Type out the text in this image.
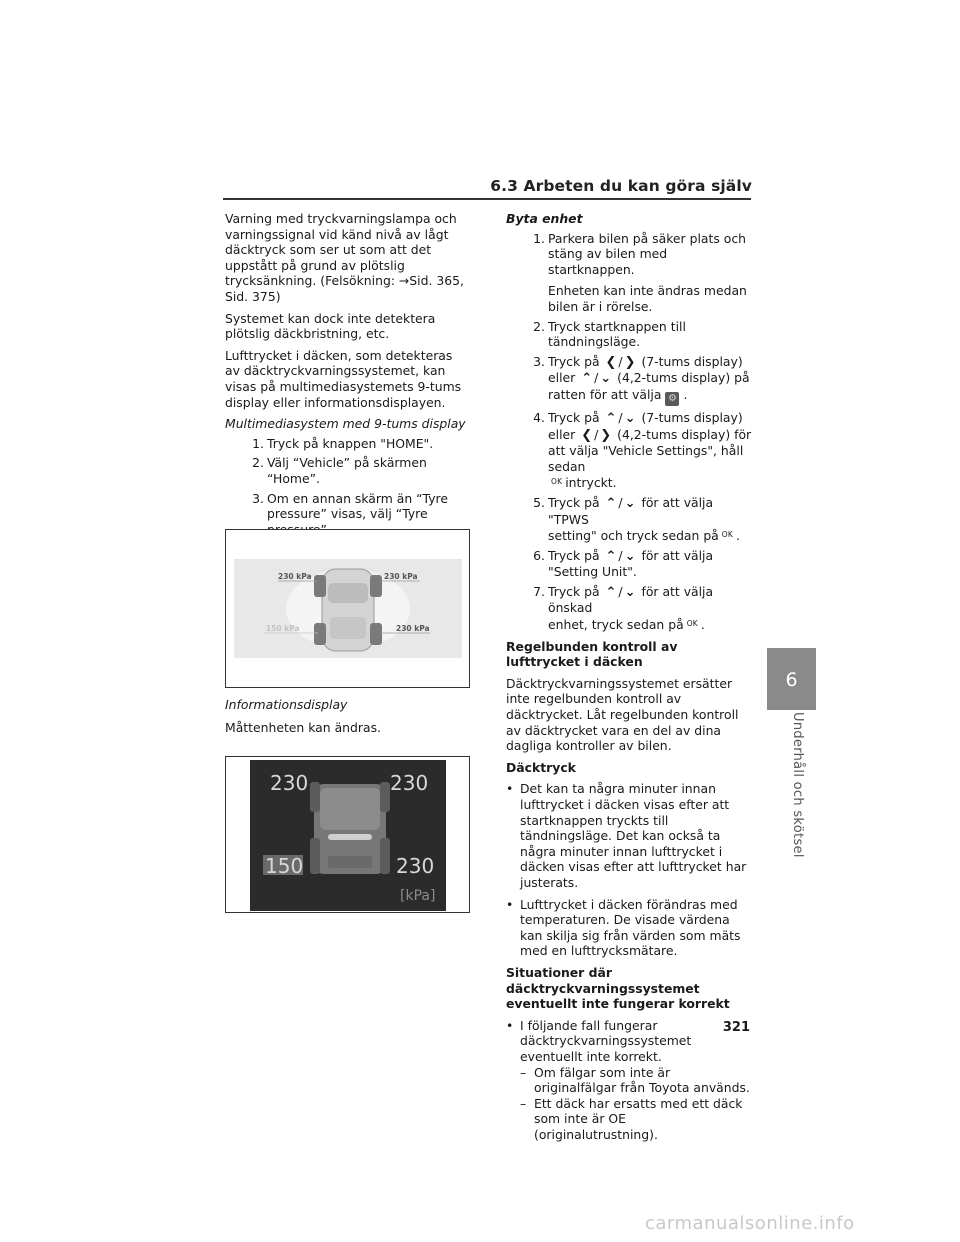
6.3 Arbeten du kan göra själv
6
Underhåll och skötsel

Varning med tryckvarningslampa och varningssignal vid känd nivå av lågt däcktryck som ser ut som att det uppstått på grund av plötslig trycksänkning. (Felsökning: →Sid. 365, Sid. 375)

Systemet kan dock inte detektera plötslig däckbristning, etc.

Lufttrycket i däcken, som detekteras av däcktryckvarningssystemet, kan visas på multimediasystemets 9-tums display eller informationsdisplayen.

Multimediasystem med 9-tums display

1. Tryck på knappen "HOME".
2. Välj “Vehicle” på skärmen “Home”.
3. Om en annan skärm än “Tyre pressure” visas, välj “Tyre
230 kPa	230 kPa
150 kPa	230 kPa
Informationsdisplay
Måttenheten kan ändras.
230	230
150	230
[kPa]

Byta enhet

1. Parkera bilen på säker plats och stäng av bilen med startknappen.

Enheten kan inte ändras medan bilen är i rörelse.
2. Tryck startknappen till tändningsläge.
3. Tryck på ❮ / ❯ (7-tums display)
eller ⌃ / ⌄ (4,2-tums display) på
ratten för att välja ⚙ .
4. Tryck på ⌃ / ⌄ (7-tums display)
eller ❮ / ❯ (4,2-tums display) för
att välja "Vehicle Settings", håll sedan
OK intryckt.
5. Tryck på ⌃ / ⌄ för att välja "TPWS
setting" och tryck sedan på OK .
6. Tryck på ⌃ / ⌄ för att välja
"Setting Unit".
7. Tryck på ⌃ / ⌄ för att välja önskad
enhet, tryck sedan på OK .

Regelbunden kontroll av lufttrycket i däcken

Däcktryckvarningssystemet ersätter inte regelbunden kontroll av däcktrycket. Låt regelbunden kontroll av däcktrycket vara en del av dina dagliga kontroller av bilen.

Däcktryck

• Det kan ta några minuter innan lufttrycket i däcken visas efter att startknappen tryckts till tändningsläge. Det kan också ta några minuter innan lufttrycket i däcken visas efter att lufttrycket har justerats.
• Lufttrycket i däcken förändras med temperaturen. De visade värdena kan skilja sig från värden som mäts med en lufttrycksmätare.

Situationer där däcktryckvarningssystemet eventuellt inte fungerar korrekt

• I följande fall fungerar däcktryckvarningssystemet eventuellt inte korrekt.
– Om fälgar som inte är originalfälgar från Toyota används.
– Ett däck har ersatts med ett däck som inte är OE (originalutrustning).
321
carmanualsonline.info
